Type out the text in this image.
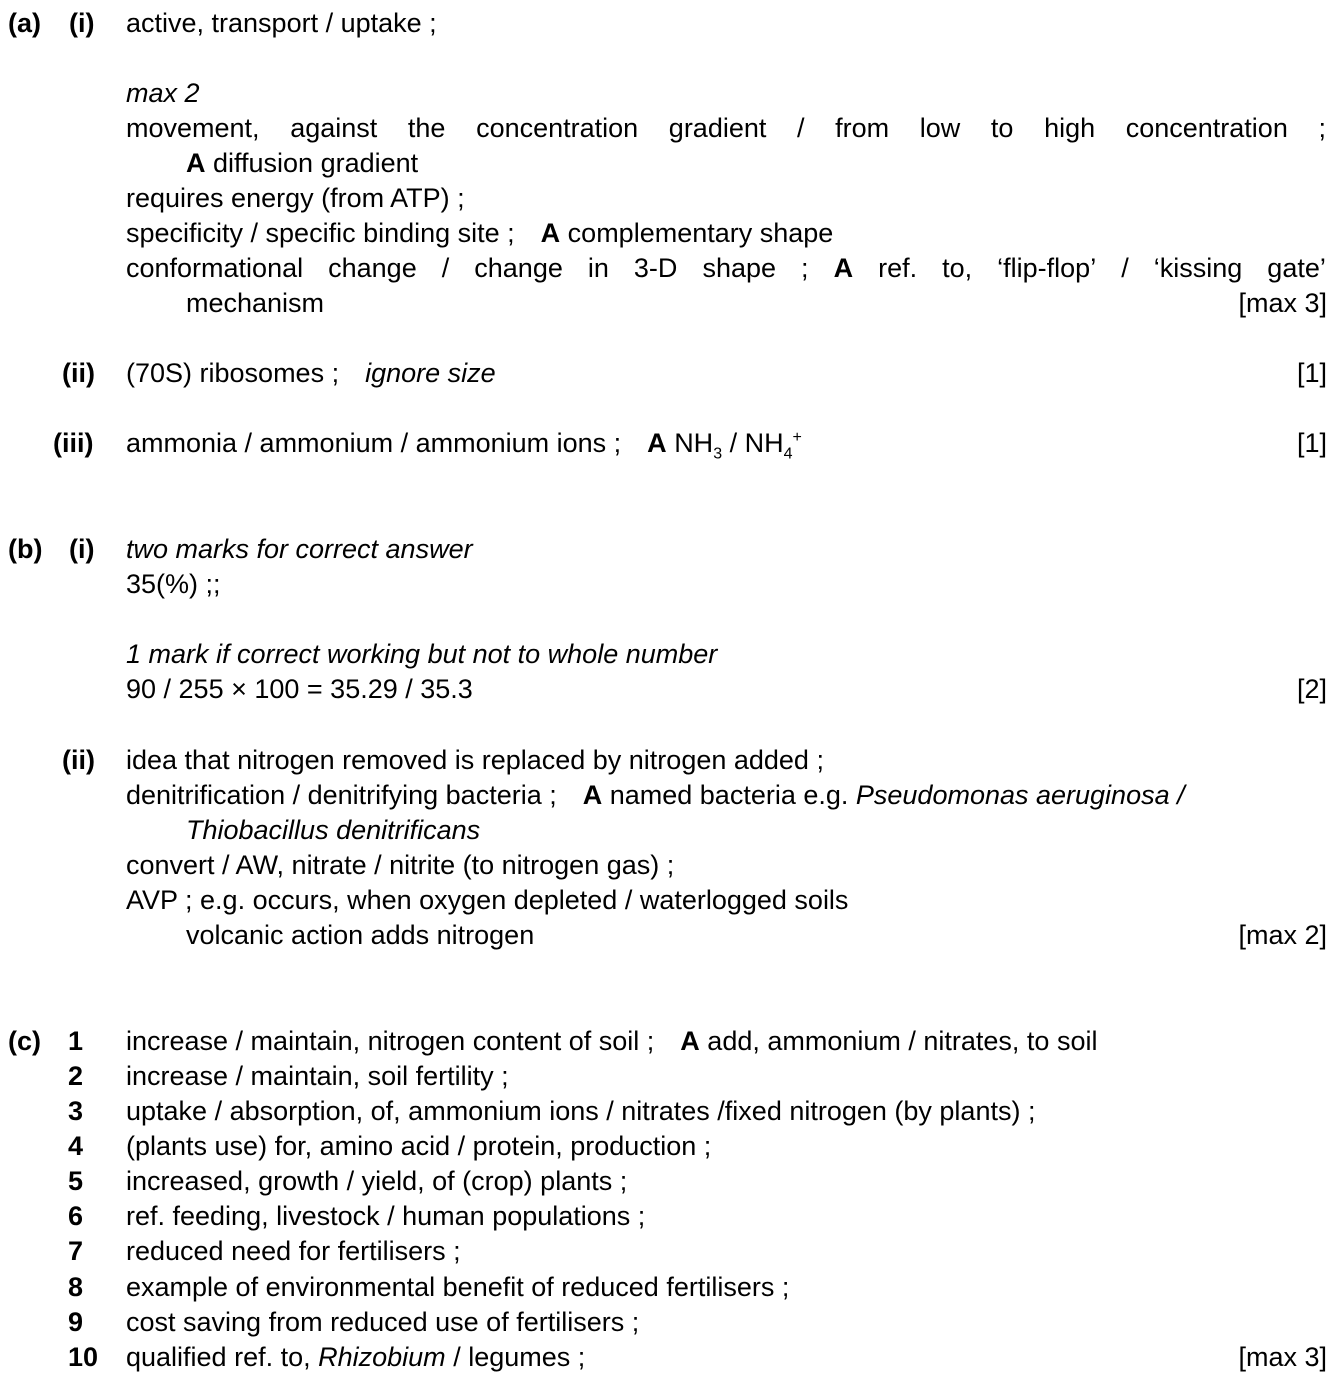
(a) (i) active, transport / uptake ;
max 2
movement, against the concentration gradient / from low to high concentration ;
A diffusion gradient
requires energy (from ATP) ;
specificity / specific binding site ; A complementary shape
conformational change / change in 3-D shape ; A ref. to, ‘flip-flop’ / ‘kissing gate’
mechanism	[max 3]
(ii) (70S) ribosomes ; ignore size	[1]
(iii) ammonia / ammonium / ammonium ions ; A $NH_3 / NH_4^+$	[1]
(b) (i) two marks for correct answer
35(%) ;;
1 mark if correct working but not to whole number
90 / 255 × 100 = 35.29 / 35.3	[2]
(ii) idea that nitrogen removed is replaced by nitrogen added ;
denitrification / denitrifying bacteria ; A named bacteria e.g. Pseudomonas aeruginosa /
Thiobacillus denitrificans
convert / AW, nitrate / nitrite (to nitrogen gas) ;
AVP ; e.g. occurs, when oxygen depleted / waterlogged soils
volcanic action adds nitrogen	[max 2]
(c) 1 increase / maintain, nitrogen content of soil ; A add, ammonium / nitrates, to soil
2 increase / maintain, soil fertility ;
3 uptake / absorption, of, ammonium ions / nitrates /fixed nitrogen (by plants) ;
4 (plants use) for, amino acid / protein, production ;
5 increased, growth / yield, of (crop) plants ;
6 ref. feeding, livestock / human populations ;
7 reduced need for fertilisers ;
8 example of environmental benefit of reduced fertilisers ;
9 cost saving from reduced use of fertilisers ;
10 qualified ref. to, Rhizobium / legumes ;	[max 3]
